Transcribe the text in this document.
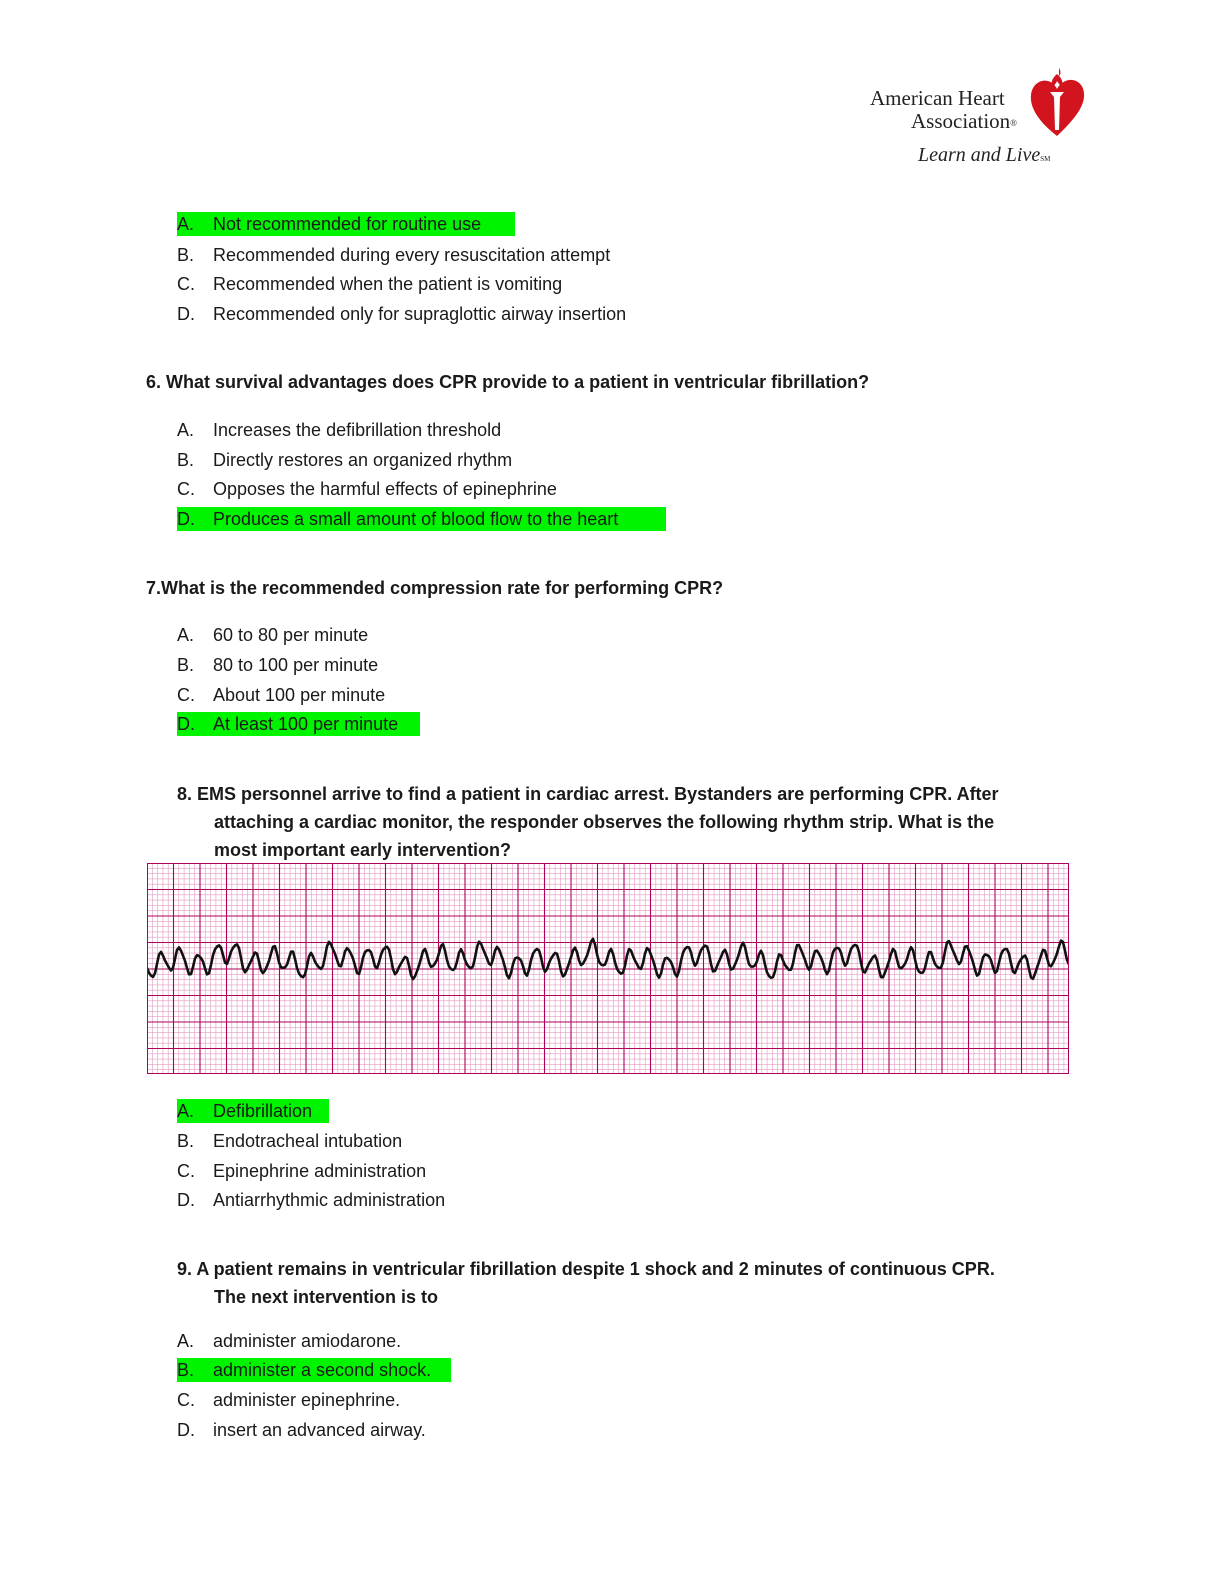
American Heart
Association®
Learn and LiveSM
A. Not recommended for routine use
B. Recommended during every resuscitation attempt
C. Recommended when the patient is vomiting
D. Recommended only for supraglottic airway insertion
6. What survival advantages does CPR provide to a patient in ventricular fibrillation?
A. Increases the defibrillation threshold
B. Directly restores an organized rhythm
C. Opposes the harmful effects of epinephrine
D. Produces a small amount of blood flow to the heart
7.What is the recommended compression rate for performing CPR?
A. 60 to 80 per minute
B. 80 to 100 per minute
C. About 100 per minute
D. At least 100 per minute
8. EMS personnel arrive to find a patient in cardiac arrest. Bystanders are performing CPR. After
attaching a cardiac monitor, the responder observes the following rhythm strip. What is the
most important early intervention?
A. Defibrillation
B. Endotracheal intubation
C. Epinephrine administration
D. Antiarrhythmic administration
9. A patient remains in ventricular fibrillation despite 1 shock and 2 minutes of continuous CPR.
The next intervention is to
A. administer amiodarone.
B. administer a second shock.
C. administer epinephrine.
D. insert an advanced airway.
